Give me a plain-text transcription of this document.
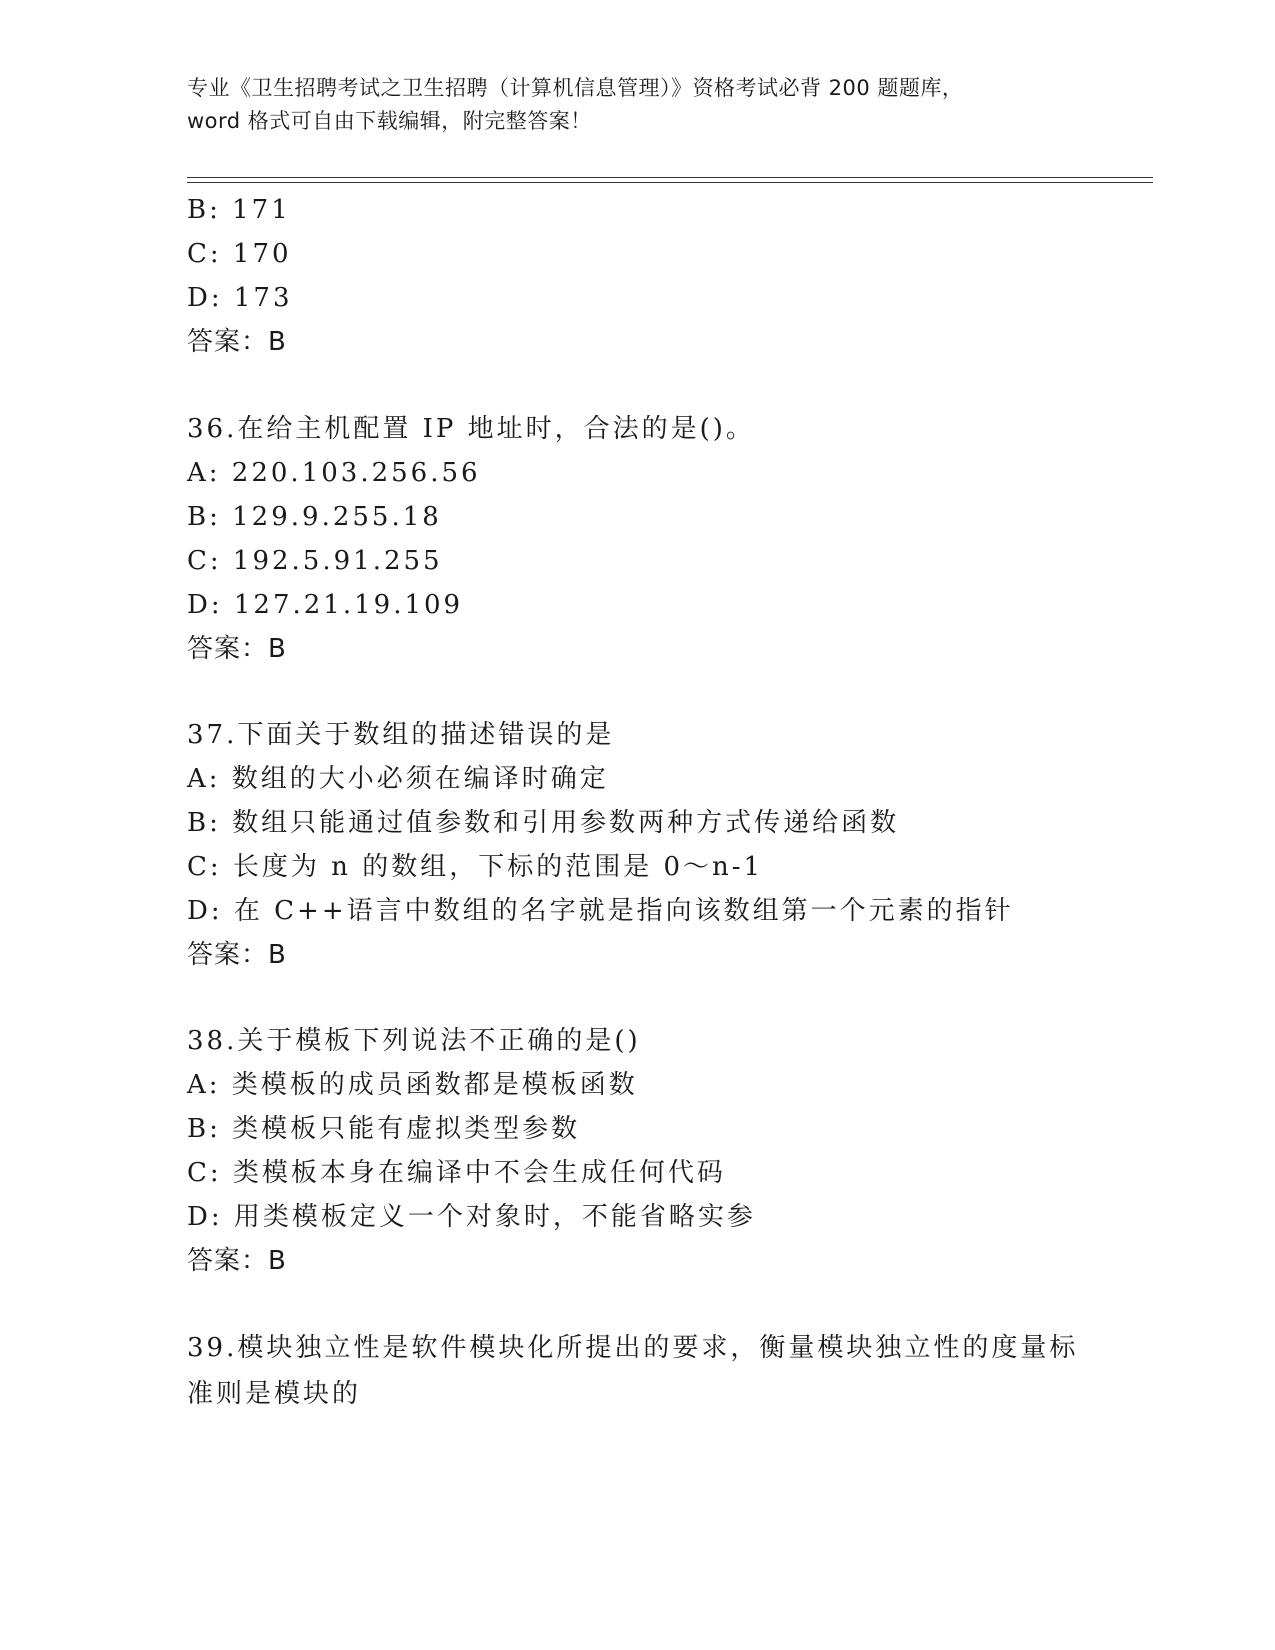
专业《卫生招聘考试之卫生招聘（计算机信息管理）》资格考试必背 200 题题库，
word 格式可自由下载编辑，附完整答案！
B: 171
C: 170
D: 173
答案：B
36.在给主机配置 IP 地址时，合法的是()。
A: 220.103.256.56
B: 129.9.255.18
C: 192.5.91.255
D: 127.21.19.109
答案：B
37.下面关于数组的描述错误的是
A: 数组的大小必须在编译时确定
B: 数组只能通过值参数和引用参数两种方式传递给函数
C: 长度为 n 的数组，下标的范围是 0～n-1
D: 在 C++语言中数组的名字就是指向该数组第一个元素的指针
答案：B
38.关于模板下列说法不正确的是()
A: 类模板的成员函数都是模板函数
B: 类模板只能有虚拟类型参数
C: 类模板本身在编译中不会生成任何代码
D: 用类模板定义一个对象时，不能省略实参
答案：B
39.模块独立性是软件模块化所提出的要求，衡量模块独立性的度量标
准则是模块的
